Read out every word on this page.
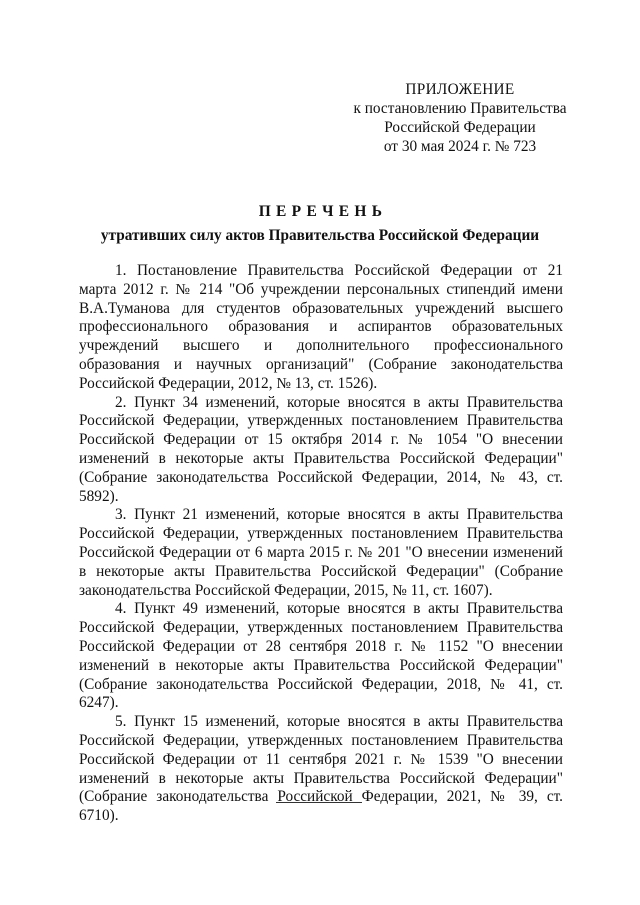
ПРИЛОЖЕНИЕ
к постановлению Правительства
Российской Федерации
от 30 мая 2024 г. № 723
ПЕРЕЧЕНЬ
утративших силу актов Правительства Российской Федерации

1. Постановление Правительства Российской Федерации от 21 марта 2012 г. № 214 "Об учреждении персональных стипендий имени В.А.Туманова для студентов образовательных учреждений высшего профессионального образования и аспирантов образовательных учреждений высшего и дополнительного профессионального образования и научных организаций" (Собрание законодательства Российской Федерации, 2012, № 13, ст. 1526).

2. Пункт 34 изменений, которые вносятся в акты Правительства Российской Федерации, утвержденных постановлением Правительства Российской Федерации от 15 октября 2014 г. № 1054 "О внесении изменений в некоторые акты Правительства Российской Федерации" (Собрание законодательства Российской Федерации, 2014, № 43, ст. 5892).

3. Пункт 21 изменений, которые вносятся в акты Правительства Российской Федерации, утвержденных постановлением Правительства Российской Федерации от 6 марта 2015 г. № 201 "О внесении изменений в некоторые акты Правительства Российской Федерации" (Собрание законодательства Российской Федерации, 2015, № 11, ст. 1607).

4. Пункт 49 изменений, которые вносятся в акты Правительства Российской Федерации, утвержденных постановлением Правительства Российской Федерации от 28 сентября 2018 г. № 1152 "О внесении изменений в некоторые акты Правительства Российской Федерации" (Собрание законодательства Российской Федерации, 2018, № 41, ст. 6247).

5. Пункт 15 изменений, которые вносятся в акты Правительства Российской Федерации, утвержденных постановлением Правительства Российской Федерации от 11 сентября 2021 г. № 1539 "О внесении изменений в некоторые акты Правительства Российской Федерации" (Собрание законодательства Российской Федерации, 2021, № 39, ст. 6710).
